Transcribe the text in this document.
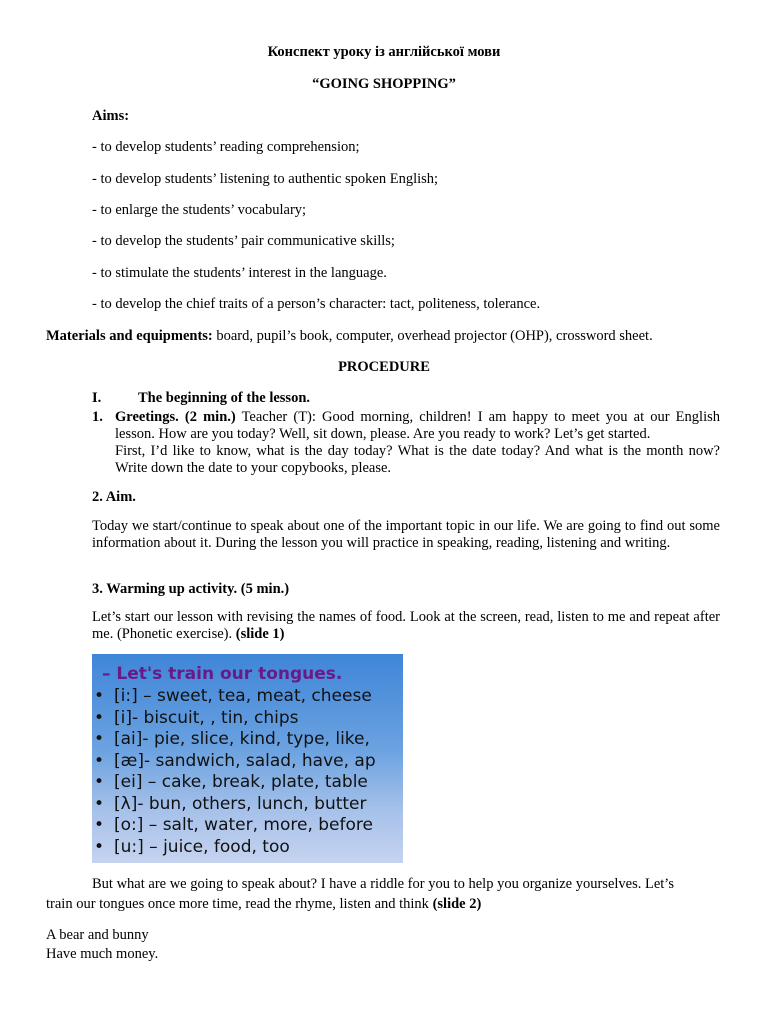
Конспект уроку із англійської мови
“GOING SHOPPING”
Aims:
- to develop students’ reading comprehension;
- to develop students’ listening to authentic spoken English;
- to enlarge the students’ vocabulary;
- to develop the students’ pair communicative skills;
- to stimulate the students’ interest in the language.
- to develop the chief traits of a person’s character: tact, politeness, tolerance.
Materials and equipments: board, pupil’s book, computer, overhead projector (OHP), crossword sheet.
PROCEDURE
I.	The beginning of the lesson.
1. Greetings. (2 min.) Teacher (T): Good morning, children! I am happy to meet you at our English lesson. How are you today? Well, sit down, please. Are you ready to work? Let’s get started.
First, I’d like to know, what is the day today? What is the date today? And what is the month now? Write down the date to your copybooks, please.
2. Aim.
Today we start/continue to speak about one of the important topic in our life. We are going to find out some information about it. During the lesson you will practice in speaking, reading, listening and writing.
3. Warming up activity. (5 min.)
Let’s start our lesson with revising the names of food. Look at the screen, read, listen to me and repeat after me. (Phonetic exercise). (slide 1)
– Let's train our tongues.
• [i:] – sweet, tea, meat, cheese
• [i]- biscuit, , tin, chips
• [ai]- pie, slice, kind, type, like,
• [æ]- sandwich, salad, have, ap
• [ei] – cake, break, plate, table
• [λ]- bun, others, lunch, butter
• [o:] – salt, water, more, before
• [u:] – juice, food, too
But what are we going to speak about? I have a riddle for you to help you organize yourselves. Let’s
train our tongues once more time, read the rhyme, listen and think (slide 2)
A bear and bunny
Have much money.
